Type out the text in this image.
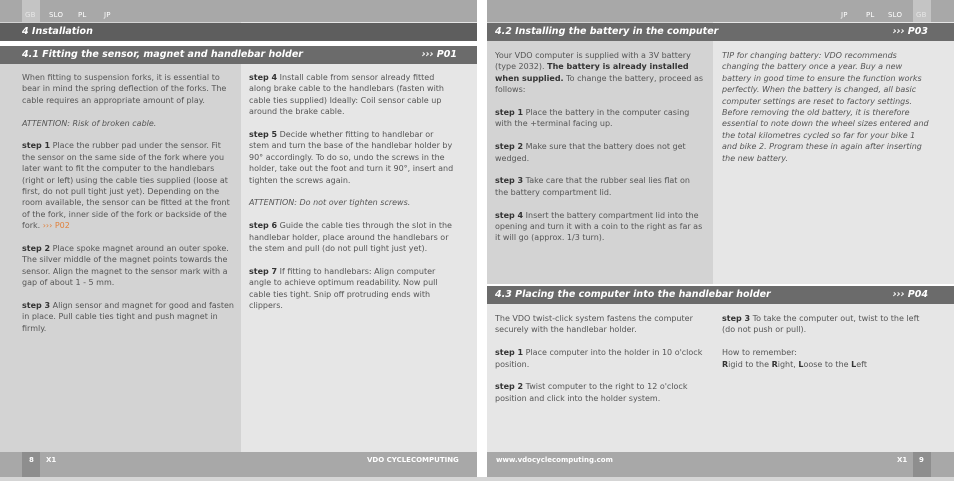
GB SLO PL JP	JP	PL SLO GB
4 Installation
4.1 Fitting the sensor, magnet and handlebar holder	››› P01
4.2 Installing the battery in the computer	››› P03
4.3 Placing the computer into the handlebar holder	››› P04

When fitting to suspension forks, it is essential to bear in mind the spring deflection of the forks. The cable requires an appropriate amount of play.

ATTENTION: Risk of broken cable.

step 1 Place the rubber pad under the sensor. Fit the sensor on the same side of the fork where you later want to fit the computer to the handlebars (right or left) using the cable ties supplied (loose at first, do not pull tight just yet). Depending on the room available, the sensor can be fitted at the front of the fork, inner side of the fork or backside of the fork. ››› P02

step 2 Place spoke magnet around an outer spoke. The silver middle of the magnet points towards the sensor. Align the magnet to the sensor mark with a gap of about 1 - 5 mm.

step 3 Align sensor and magnet for good and fasten in place. Pull cable ties tight and push magnet in firmly.

step 4 Install cable from sensor already fitted along brake cable to the handlebars (fasten with cable ties supplied) Ideally: Coil sensor cable up around the brake cable.

step 5 Decide whether fitting to handlebar or stem and turn the base of the handlebar holder by 90° accordingly. To do so, undo the screws in the holder, take out the foot and turn it 90°, insert and tighten the screws again.

ATTENTION: Do not over tighten screws.

step 6 Guide the cable ties through the slot in the handlebar holder, place around the handlebars or the stem and pull (do not pull tight just yet).

step 7 If fitting to handlebars: Align computer angle to achieve optimum readability. Now pull cable ties tight. Snip off protruding ends with clippers.

Your VDO computer is supplied with a 3V battery (type 2032). The battery is already installed when supplied. To change the battery, proceed as follows:

step 1 Place the battery in the computer casing with the +terminal facing up.

step 2 Make sure that the battery does not get wedged.

step 3 Take care that the rubber seal lies flat on the battery compartment lid.

step 4 Insert the battery compartment lid into the opening and turn it with a coin to the right as far as it will go (approx. 1/3 turn).

TIP for changing battery: VDO recommends changing the battery once a year. Buy a new battery in good time to ensure the function works perfectly. When the battery is changed, all basic computer settings are reset to factory settings. Before removing the old battery, it is therefore essential to note down the wheel sizes entered and the total kilometres cycled so far for your bike 1 and bike 2. Program these in again after inserting the new battery.

The VDO twist-click system fastens the computer securely with the handlebar holder.

step 1 Place computer into the holder in 10 o'clock position.

step 2 Twist computer to the right to 12 o'clock position and click into the holder system.

step 3 To take the computer out, twist to the left (do not push or pull).

How to remember:
Rigid to the Right, Loose to the Left

8 X1	VDO CYCLECOMPUTING	www.vdocyclecomputing.com	X1 9
